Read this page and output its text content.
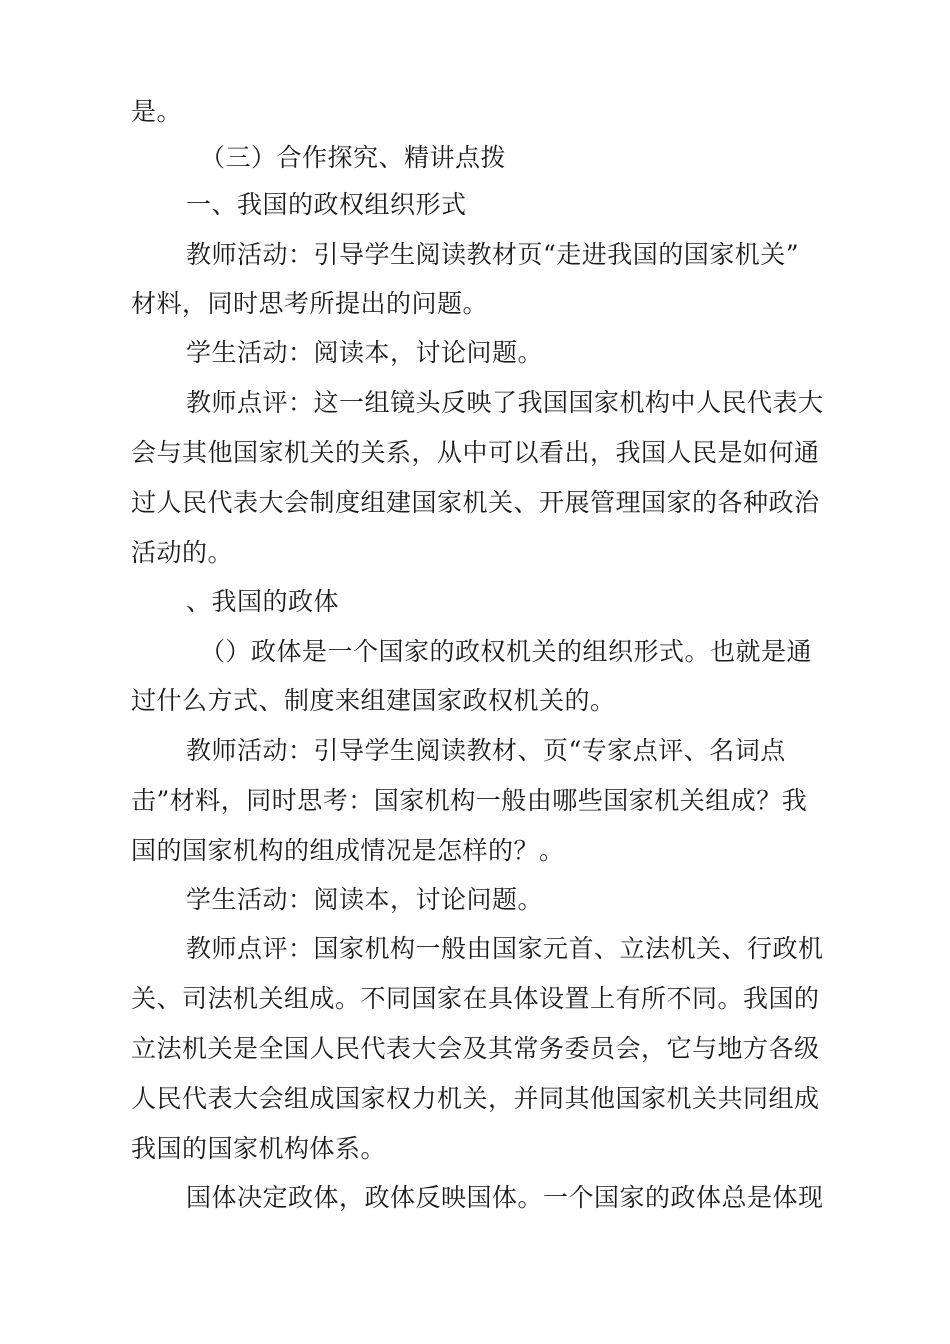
是。
（三）合作探究、精讲点拨
一、我国的政权组织形式
教师活动：引导学生阅读教材页“走进我国的国家机关”
材料，同时思考所提出的问题。
学生活动：阅读本，讨论问题。
教师点评：这一组镜头反映了我国国家机构中人民代表大
会与其他国家机关的关系，从中可以看出，我国人民是如何通
过人民代表大会制度组建国家机关、开展管理国家的各种政治
活动的。
、我国的政体
（）政体是一个国家的政权机关的组织形式。也就是通
过什么方式、制度来组建国家政权机关的。
教师活动：引导学生阅读教材、页“专家点评、名词点
击”材料，同时思考：国家机构一般由哪些国家机关组成？我
国的国家机构的组成情况是怎样的？。
学生活动：阅读本，讨论问题。
教师点评：国家机构一般由国家元首、立法机关、行政机
关、司法机关组成。不同国家在具体设置上有所不同。我国的
立法机关是全国人民代表大会及其常务委员会，它与地方各级
人民代表大会组成国家权力机关，并同其他国家机关共同组成
我国的国家机构体系。
国体决定政体，政体反映国体。一个国家的政体总是体现
